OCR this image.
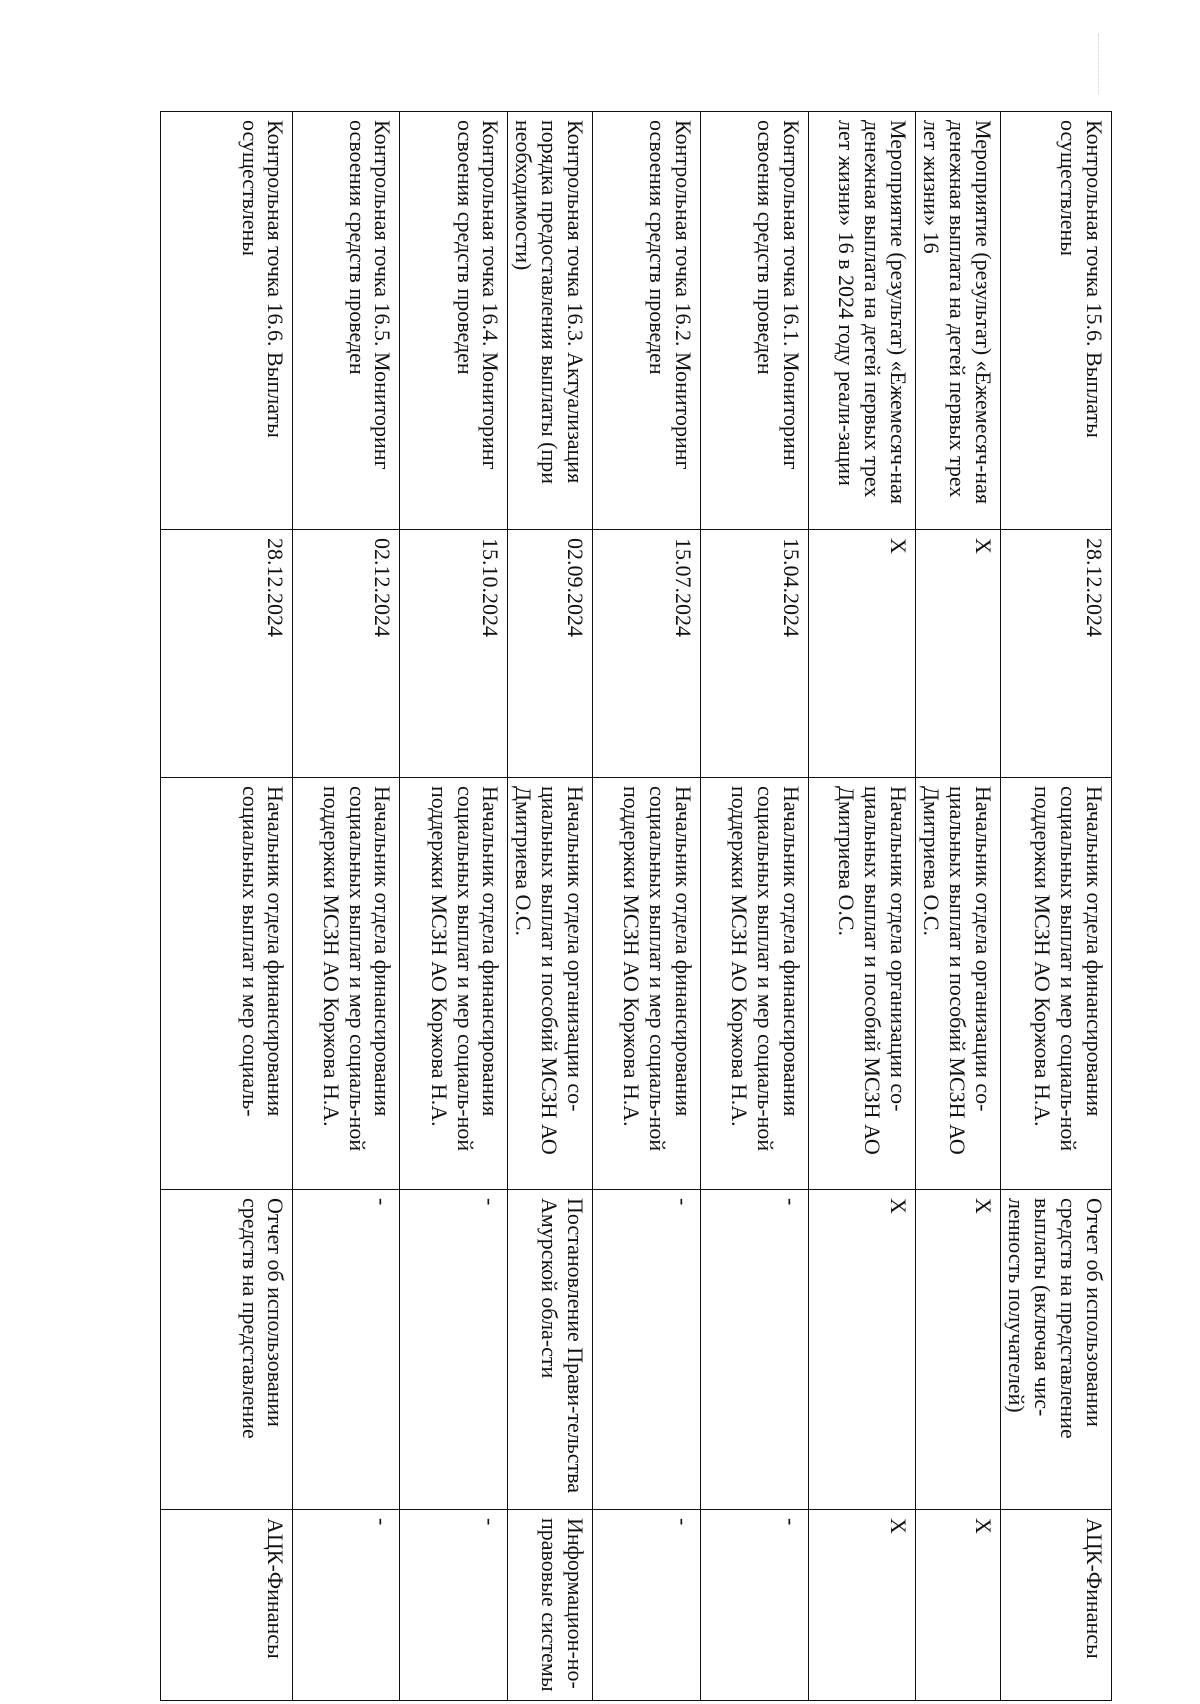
Контрольная точка 15.6. Выплаты осуществлены	28.12.2024	Начальник отдела финансирования социальных выплат и мер социаль-ной поддержки МСЗН АО Коржова Н.А.	Отчет об использовании средств на представление выплаты (включая чис-ленность получателей)	АЦК-Финансы
Мероприятие (результат) «Ежемесяч-ная денежная выплата на детей первых трех лет жизни» 16	Х	Начальник отдела организации со-циальных выплат и пособий МСЗН АО Дмитриева О.С.	Х	Х
Мероприятие (результат) «Ежемесяч-ная денежная выплата на детей первых трех лет жизни» 16 в 2024 году реали-зации	Х	Начальник отдела организации со-циальных выплат и пособий МСЗН АО Дмитриева О.С.	Х	Х
Контрольная точка 16.1. Мониторинг освоения средств проведен	15.04.2024	Начальник отдела финансирования социальных выплат и мер социаль-ной поддержки МСЗН АО Коржова Н.А.	-	-
Контрольная точка 16.2. Мониторинг освоения средств проведен	15.07.2024	Начальник отдела финансирования социальных выплат и мер социаль-ной поддержки МСЗН АО Коржова Н.А.	-	-
Контрольная точка 16.3. Актуализация порядка предоставления выплаты (при необходимости)	02.09.2024	Начальник отдела организации со-циальных выплат и пособий МСЗН АО Дмитриева О.С.	Постановление Прави-тельства Амурской обла-сти	Информацион-но-правовые системы
Контрольная точка 16.4. Мониторинг освоения средств проведен	15.10.2024	Начальник отдела финансирования социальных выплат и мер социаль-ной поддержки МСЗН АО Коржова Н.А.	-	-
Контрольная точка 16.5. Мониторинг освоения средств проведен	02.12.2024	Начальник отдела финансирования социальных выплат и мер социаль-ной поддержки МСЗН АО Коржова Н.А.	-	-
Контрольная точка 16.6. Выплаты осуществлены	28.12.2024	Начальник отдела финансирования социальных выплат и мер социаль-	Отчет об использовании средств на представление	АЦК-Финансы
